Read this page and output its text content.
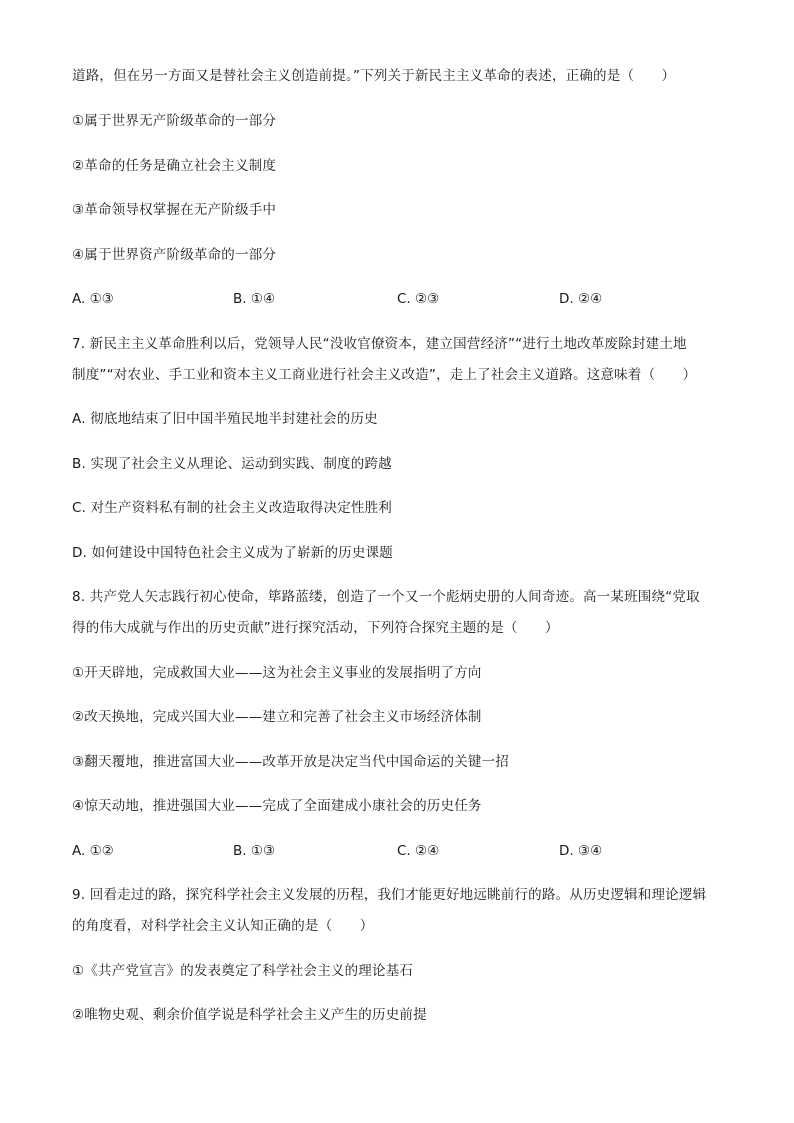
道路，但在另一方面又是替社会主义创造前提。”下列关于新民主主义革命的表述，正确的是（　　）
①属于世界无产阶级革命的一部分
②革命的任务是确立社会主义制度
③革命领导权掌握在无产阶级手中
④属于世界资产阶级革命的一部分
A. ①③	B. ①④	C. ②③	D. ②④
7. 新民主主义革命胜利以后，党领导人民“没收官僚资本，建立国营经济”“进行土地改革废除封建土地
制度”“对农业、手工业和资本主义工商业进行社会主义改造”，走上了社会主义道路。这意味着（　　）
A. 彻底地结束了旧中国半殖民地半封建社会的历史
B. 实现了社会主义从理论、运动到实践、制度的跨越
C. 对生产资料私有制的社会主义改造取得决定性胜利
D. 如何建设中国特色社会主义成为了崭新的历史课题
8. 共产党人矢志践行初心使命，筚路蓝缕，创造了一个又一个彪炳史册的人间奇迹。高一某班围绕“党取
得的伟大成就与作出的历史贡献”进行探究活动，下列符合探究主题的是（　　）
①开天辟地，完成救国大业——这为社会主义事业的发展指明了方向
②改天换地，完成兴国大业——建立和完善了社会主义市场经济体制
③翻天覆地，推进富国大业——改革开放是决定当代中国命运的关键一招
④惊天动地，推进强国大业——完成了全面建成小康社会的历史任务
A. ①②	B. ①③	C. ②④	D. ③④
9. 回看走过的路，探究科学社会主义发展的历程，我们才能更好地远眺前行的路。从历史逻辑和理论逻辑
的角度看，对科学社会主义认知正确的是（　　）
①《共产党宣言》的发表奠定了科学社会主义的理论基石
②唯物史观、剩余价值学说是科学社会主义产生的历史前提
